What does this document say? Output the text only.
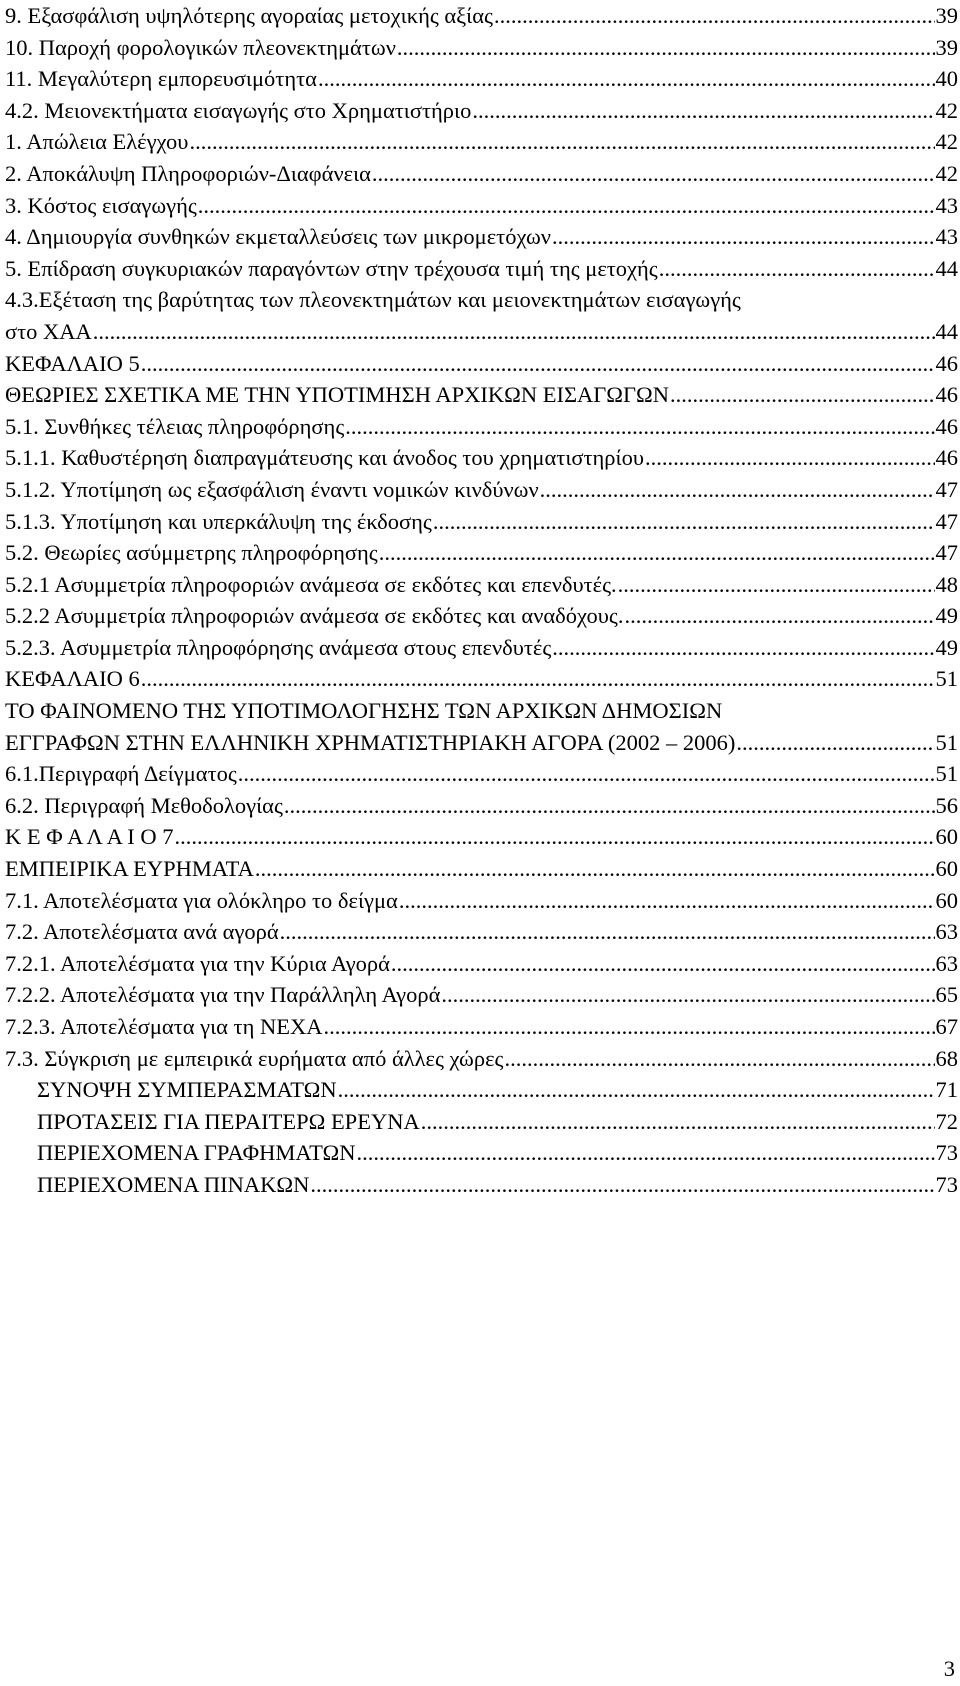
9. Εξασφάλιση υψηλότερης αγοραίας μετοχικής αξίας .....	39
10. Παροχή φορολογικών πλεονεκτημάτων .....	39
11. Μεγαλύτερη εμπορευσιμότητα .....	40
4.2. Μειονεκτήματα εισαγωγής στο Χρηματιστήριο .....	42
1. Απώλεια Ελέγχου .....	42
2. Αποκάλυψη Πληροφοριών-Διαφάνεια .....	42
3. Κόστος εισαγωγής .....	43
4. Δημιουργία συνθηκών εκμεταλλεύσεις των μικρομετόχων .....	43
5. Επίδραση συγκυριακών παραγόντων στην τρέχουσα τιμή της μετοχής .....	44
4.3.Εξέταση της βαρύτητας των πλεονεκτημάτων και μειονεκτημάτων εισαγωγής
στο ΧΑΑ .....	44
ΚΕΦΑΛΑΙΟ 5 .....	46
ΘΕΩΡΙΕΣ ΣΧΕΤΙΚΑ ΜΕ ΤΗΝ ΥΠΟΤΙΜΗΣΗ ΑΡΧΙΚΩΝ ΕΙΣΑΓΩΓΩΝ .....	46
5.1. Συνθήκες τέλειας πληροφόρησης .....	46
5.1.1. Καθυστέρηση διαπραγμάτευσης και άνοδος του χρηματιστηρίου .....	46
5.1.2. Υποτίμηση ως εξασφάλιση έναντι νομικών κινδύνων .....	47
5.1.3. Υποτίμηση και υπερκάλυψη της έκδοσης .....	47
5.2. Θεωρίες ασύμμετρης πληροφόρησης .....	47
5.2.1 Ασυμμετρία πληροφοριών ανάμεσα σε εκδότες και επενδυτές. .....	48
5.2.2 Ασυμμετρία πληροφοριών ανάμεσα σε εκδότες και αναδόχους. .....	49
5.2.3. Ασυμμετρία πληροφόρησης ανάμεσα στους επενδυτές .....	49
ΚΕΦΑΛΑΙΟ 6 .....	51
ΤΟ ΦΑΙΝΟΜΕΝΟ ΤΗΣ ΥΠΟΤΙΜΟΛΟΓΗΣΗΣ ΤΩΝ ΑΡΧΙΚΩΝ ΔΗΜΟΣΙΩΝ
ΕΓΓΡΑΦΩΝ ΣΤΗΝ ΕΛΛΗΝΙΚΗ ΧΡΗΜΑΤΙΣΤΗΡΙΑΚΗ ΑΓΟΡΑ (2002 – 2006) .....	51
6.1.Περιγραφή Δείγματος .....	51
6.2. Περιγραφή Μεθοδολογίας .....	56
Κ Ε Φ Α Λ Α Ι Ο 7 .....	60
ΕΜΠΕΙΡΙΚΑ ΕΥΡΗΜΑΤΑ .....	60
7.1. Αποτελέσματα για ολόκληρο το δείγμα .....	60
7.2. Αποτελέσματα ανά αγορά .....	63
7.2.1. Αποτελέσματα για την Κύρια Αγορά .....	63
7.2.2. Αποτελέσματα για την Παράλληλη Αγορά .....	65
7.2.3. Αποτελέσματα για τη ΝΕΧΑ .....	67
7.3. Σύγκριση με εμπειρικά ευρήματα από άλλες χώρες .....	68
ΣΥΝΟΨΗ ΣΥΜΠΕΡΑΣΜΑΤΩΝ .....	71
ΠΡΟΤΑΣΕΙΣ ΓΙΑ ΠΕΡΑΙΤΕΡΩ ΕΡΕΥΝΑ .....	72
ΠΕΡΙΕΧΟΜΕΝΑ ΓΡΑΦΗΜΑΤΩΝ .....	73
ΠΕΡΙΕΧΟΜΕΝΑ ΠΙΝΑΚΩΝ .....	73
3
